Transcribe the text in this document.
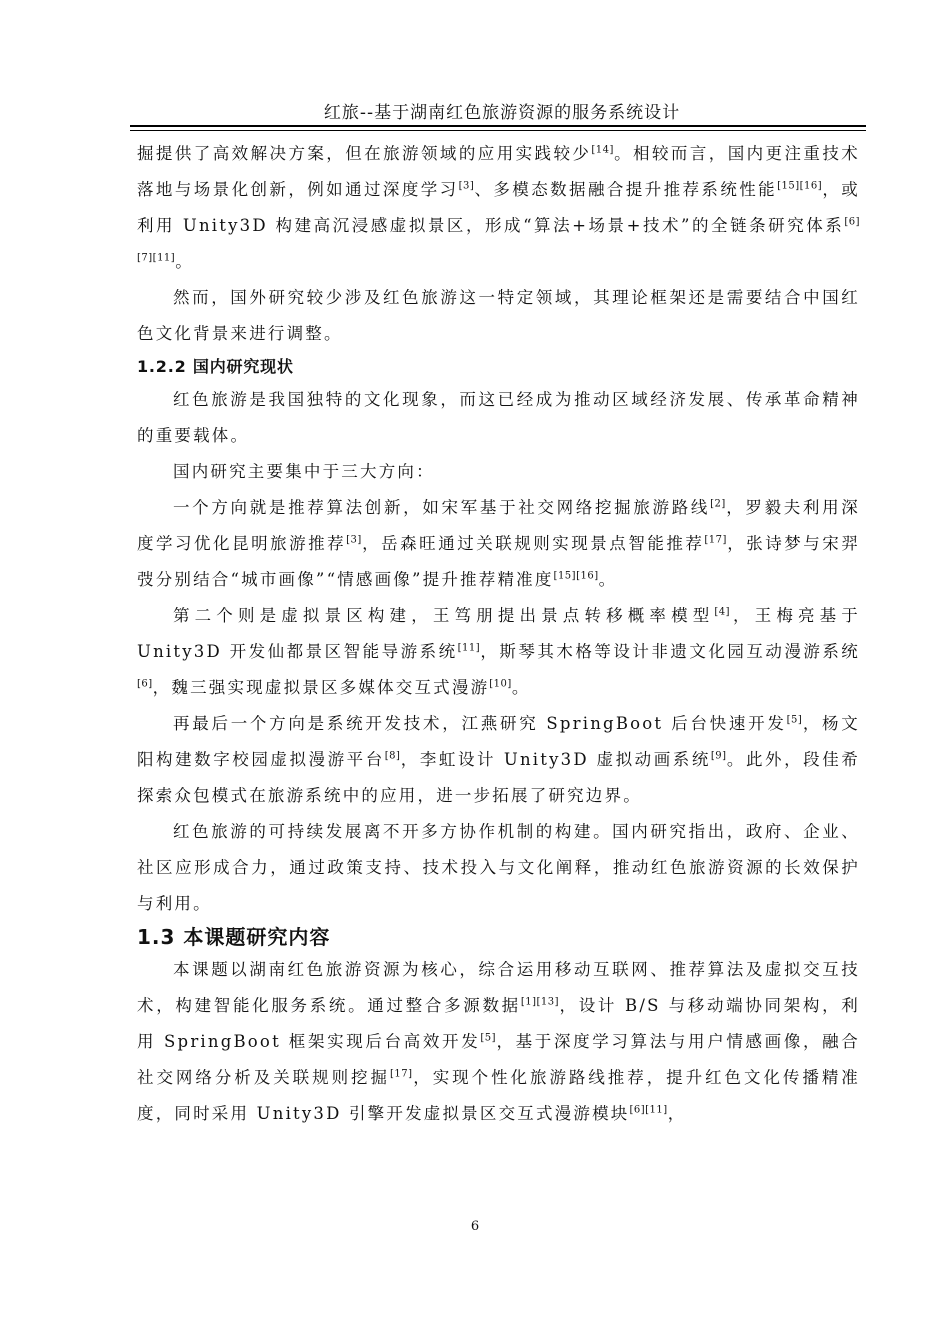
红旅--基于湖南红色旅游资源的服务系统设计

掘提供了高效解决方案，但在旅游领域的应用实践较少[14]。相较而言，国内更注重技术落地与场景化创新，例如通过深度学习[3]、多模态数据融合提升推荐系统性能[15][16]，或利用 Unity3D 构建高沉浸感虚拟景区，形成“算法+场景+技术”的全链条研究体系[6][7][11]。

然而，国外研究较少涉及红色旅游这一特定领域，其理论框架还是需要结合中国红色文化背景来进行调整。

1.2.2 国内研究现状

红色旅游是我国独特的文化现象，而这已经成为推动区域经济发展、传承革命精神的重要载体。

国内研究主要集中于三大方向：

一个方向就是推荐算法创新，如宋军基于社交网络挖掘旅游路线[2]，罗毅夫利用深度学习优化昆明旅游推荐[3]，岳森旺通过关联规则实现景点智能推荐[17]，张诗梦与宋羿弢分别结合“城市画像”“情感画像”提升推荐精准度[15][16]。

第二个则是虚拟景区构建，王笃朋提出景点转移概率模型[4]，王梅亮基于 Unity3D 开发仙都景区智能导游系统[11]，斯琴其木格等设计非遗文化园互动漫游系统[6]，魏三强实现虚拟景区多媒体交互式漫游[10]。

再最后一个方向是系统开发技术，江燕研究 SpringBoot 后台快速开发[5]，杨文阳构建数字校园虚拟漫游平台[8]，李虹设计 Unity3D 虚拟动画系统[9]。此外，段佳希探索众包模式在旅游系统中的应用，进一步拓展了研究边界。

红色旅游的可持续发展离不开多方协作机制的构建。国内研究指出，政府、企业、社区应形成合力，通过政策支持、技术投入与文化阐释，推动红色旅游资源的长效保护与利用。

1.3 本课题研究内容

本课题以湖南红色旅游资源为核心，综合运用移动互联网、推荐算法及虚拟交互技术，构建智能化服务系统。通过整合多源数据[1][13]，设计 B/S 与移动端协同架构，利用 SpringBoot 框架实现后台高效开发[5]，基于深度学习算法与用户情感画像，融合社交网络分析及关联规则挖掘[17]，实现个性化旅游路线推荐，提升红色文化传播精准度，同时采用 Unity3D 引擎开发虚拟景区交互式漫游模块[6][11]，

6
